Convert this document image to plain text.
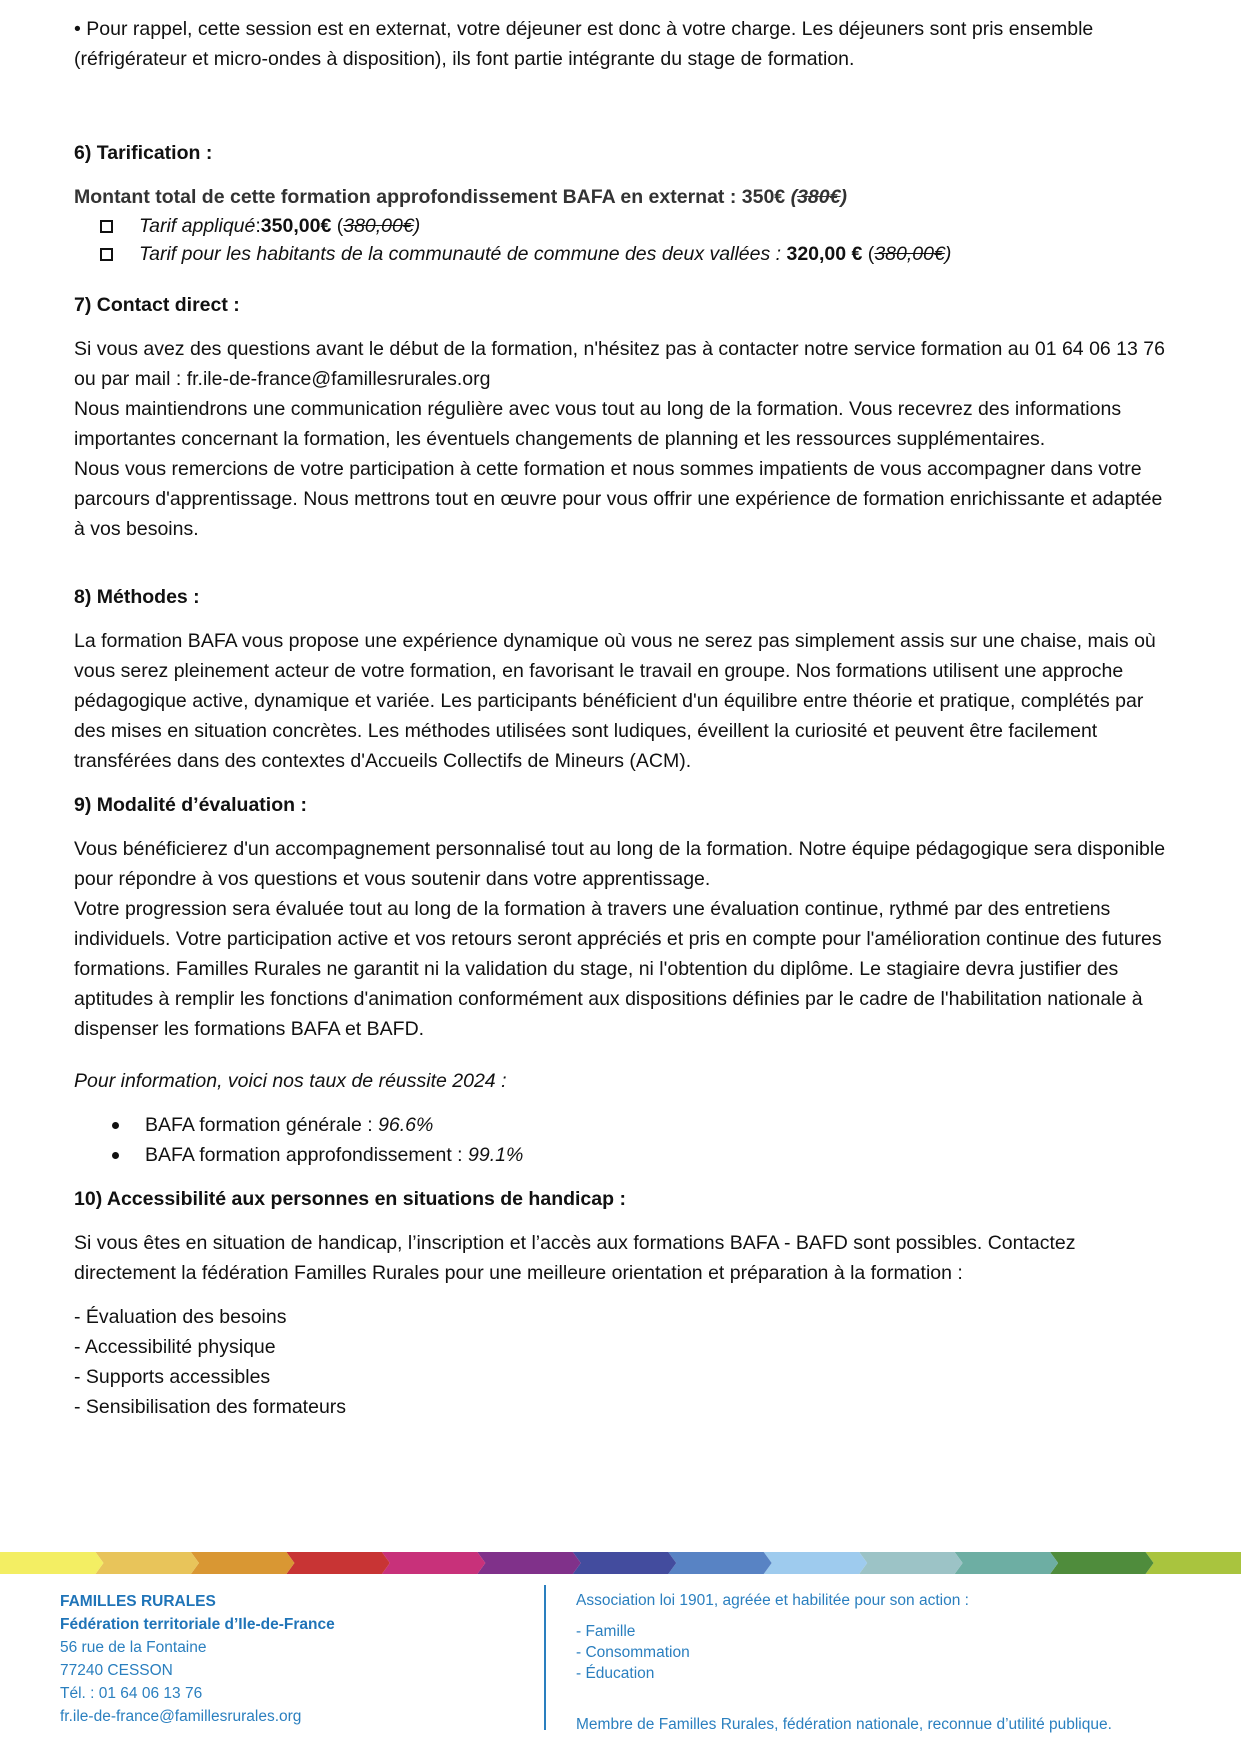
• Pour rappel, cette session est en externat, votre déjeuner est donc à votre charge. Les déjeuners sont pris ensemble (réfrigérateur et micro-ondes à disposition), ils font partie intégrante du stage de formation.

6) Tarification :

Montant total de cette formation approfondissement BAFA en externat : 350€ (380€)

Tarif appliqué : 350,00€ ( 380,00€ )
Tarif pour les habitants de la communauté de commune des deux vallées : 320,00 € ( 380,00€ )
7) Contact direct :

Si vous avez des questions avant le début de la formation, n'hésitez pas à contacter notre service formation au 01 64 06 13 76 ou par mail : fr.ile-de-france@famillesrurales.org

Nous maintiendrons une communication régulière avec vous tout au long de la formation. Vous recevrez des informations importantes concernant la formation, les éventuels changements de planning et les ressources supplémentaires.

Nous vous remercions de votre participation à cette formation et nous sommes impatients de vous accompagner dans votre parcours d'apprentissage. Nous mettrons tout en œuvre pour vous offrir une expérience de formation enrichissante et adaptée à vos besoins.

8) Méthodes :

La formation BAFA vous propose une expérience dynamique où vous ne serez pas simplement assis sur une chaise, mais où vous serez pleinement acteur de votre formation, en favorisant le travail en groupe. Nos formations utilisent une approche pédagogique active, dynamique et variée. Les participants bénéficient d'un équilibre entre théorie et pratique, complétés par des mises en situation concrètes. Les méthodes utilisées sont ludiques, éveillent la curiosité et peuvent être facilement transférées dans des contextes d'Accueils Collectifs de Mineurs (ACM).

9) Modalité d’évaluation :

Vous bénéficierez d'un accompagnement personnalisé tout au long de la formation. Notre équipe pédagogique sera disponible pour répondre à vos questions et vous soutenir dans votre apprentissage.

Votre progression sera évaluée tout au long de la formation à travers une évaluation continue, rythmé par des entretiens individuels. Votre participation active et vos retours seront appréciés et pris en compte pour l'amélioration continue des futures formations. Familles Rurales ne garantit ni la validation du stage, ni l'obtention du diplôme. Le stagiaire devra justifier des aptitudes à remplir les fonctions d'animation conformément aux dispositions définies par le cadre de l'habilitation nationale à dispenser les formations BAFA et BAFD.

Pour information, voici nos taux de réussite 2024 :

BAFA formation générale : 96.6%
BAFA formation approfondissement : 99.1%
10) Accessibilité aux personnes en situations de handicap :

Si vous êtes en situation de handicap, l’inscription et l’accès aux formations BAFA - BAFD sont possibles. Contactez directement la fédération Familles Rurales pour une meilleure orientation et préparation à la formation :

- Évaluation des besoins
- Accessibilité physique
- Supports accessibles
- Sensibilisation des formateurs
FAMILLES RURALES
Fédération territoriale d’Ile-de-France
56 rue de la Fontaine
77240 CESSON
Tél. : 01 64 06 13 76
fr.ile-de-france@famillesrurales.org
Association loi 1901, agréée et habilitée pour son action :
- Famille
- Consommation
- Éducation
Membre de Familles Rurales, fédération nationale, reconnue d’utilité publique.
